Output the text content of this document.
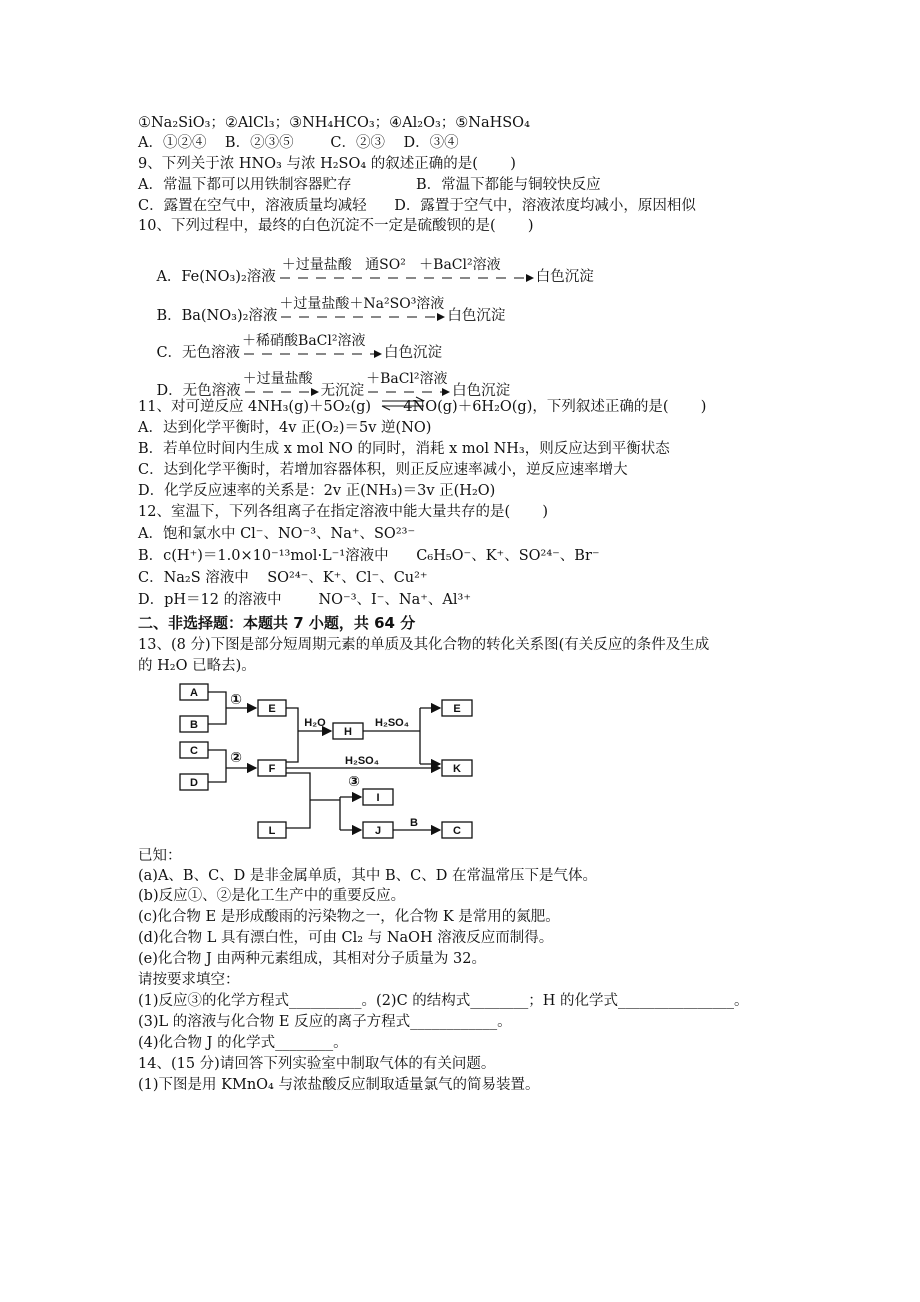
①Na₂SiO₃；②AlCl₃；③NH₄HCO₃；④Al₂O₃；⑤NaHSO₄
A．①②④    B．②③⑤        C．②③    D．③④
9、下列关于浓 HNO₃ 与浓 H₂SO₄ 的叙述正确的是(       )
A．常温下都可以用铁制容器贮存              B．常温下都能与铜较快反应
C．露置在空气中，溶液质量均减轻      D．露置于空气中，溶液浓度均减小，原因相似
10、下列过程中，最终的白色沉淀不一定是硫酸钡的是(       )

A．Fe(NO₃)₂溶液
＋过量盐酸   通SO²   ＋BaCl²溶液
白色沉淀

B．Ba(NO₃)₂溶液
＋过量盐酸＋Na²SO³溶液
白色沉淀

C．无色溶液
＋稀硝酸BaCl²溶液
白色沉淀

D．无色溶液
＋过量盐酸
无沉淀
＋BaCl²溶液
白色沉淀

11、对可逆反应 4NH₃(g)＋5O₂(g)       4NO(g)＋6H₂O(g)，下列叙述正确的是(       )
A．达到化学平衡时，4v 正(O₂)＝5v 逆(NO)
B．若单位时间内生成 x mol NO 的同时，消耗 x mol NH₃，则反应达到平衡状态
C．达到化学平衡时，若增加容器体积，则正反应速率减小，逆反应速率增大
D．化学反应速率的关系是：2v 正(NH₃)＝3v 正(H₂O)
12、室温下，下列各组离子在指定溶液中能大量共存的是(       )
A．饱和氯水中 Cl⁻、NO⁻³、Na⁺、SO²³⁻
B．c(H⁺)＝1.0×10⁻¹³mol·L⁻¹溶液中      C₆H₅O⁻、K⁺、SO²⁴⁻、Br⁻
C．Na₂S 溶液中    SO²⁴⁻、K⁺、Cl⁻、Cu²⁺
D．pH＝12 的溶液中        NO⁻³、I⁻、Na⁺、Al³⁺
二、非选择题：本题共 7 小题，共 64 分
13、(8 分)下图是部分短周期元素的单质及其化合物的转化关系图(有关反应的条件及生成
的 H₂O 已略去)。
A
B
C
D
E
F
H
E
K
I
L	J	C
①
②
③
H₂O	H₂SO₄
H₂SO₄
B
已知：
(a)A、B、C、D 是非金属单质，其中 B、C、D 在常温常压下是气体。
(b)反应①、②是化工生产中的重要反应。
(c)化合物 E 是形成酸雨的污染物之一，化合物 K 是常用的氮肥。
(d)化合物 L 具有漂白性，可由 Cl₂ 与 NaOH 溶液反应而制得。
(e)化合物 J 由两种元素组成，其相对分子质量为 32。
请按要求填空：
(1)反应③的化学方程式__________。(2)C 的结构式________；H 的化学式________________。
(3)L 的溶液与化合物 E 反应的离子方程式____________。
(4)化合物 J 的化学式________。
14、(15 分)请回答下列实验室中制取气体的有关问题。
(1)下图是用 KMnO₄ 与浓盐酸反应制取适量氯气的简易装置。
